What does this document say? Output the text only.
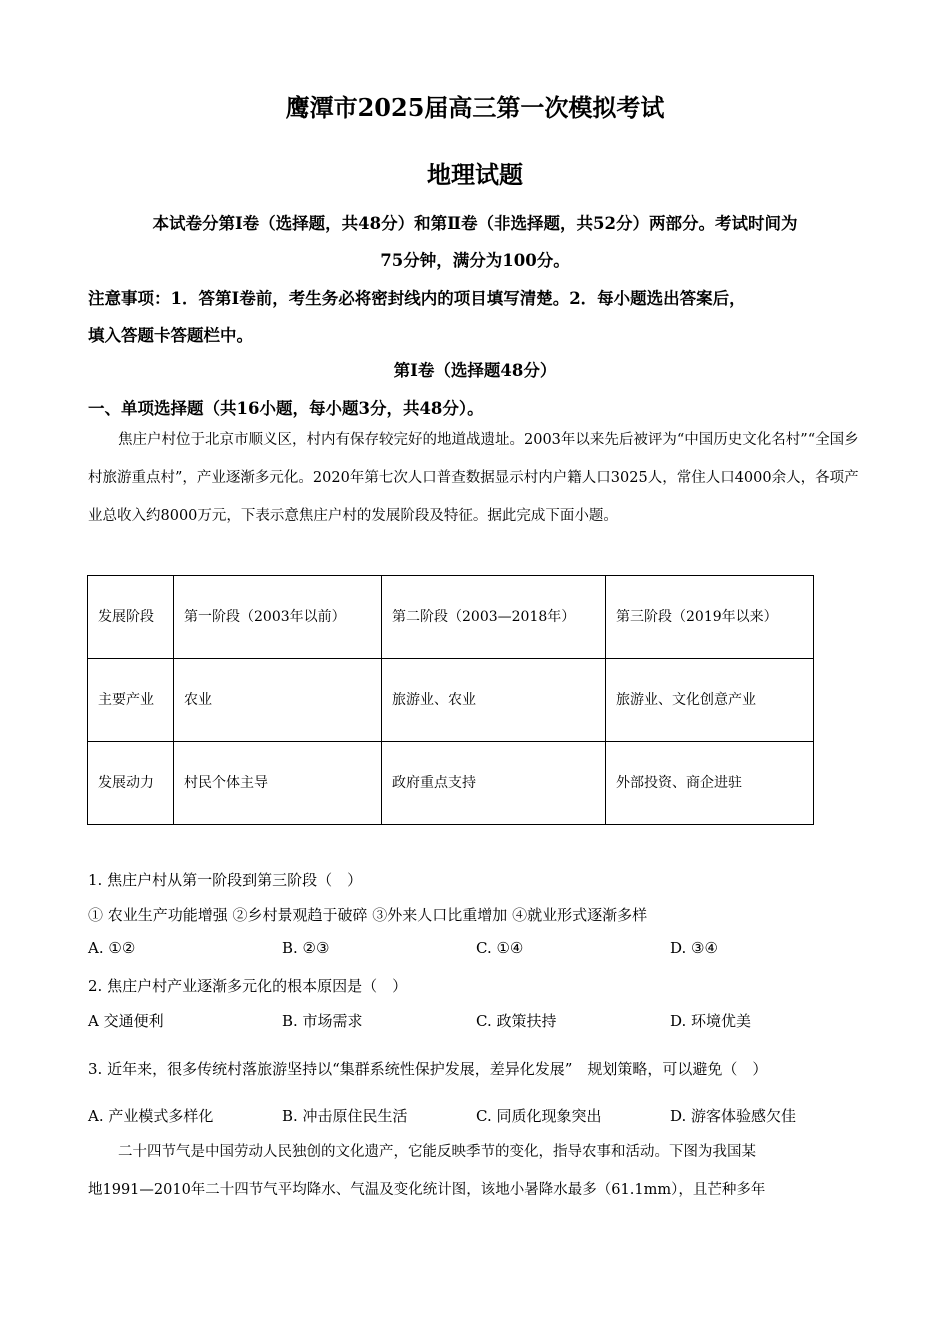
鹰潭市2025届高三第一次模拟考试
地理试题
本试卷分第Ⅰ卷（选择题，共48分）和第Ⅱ卷（非选择题，共52分）两部分。考试时间为
75分钟，满分为100分。
注意事项：1．答第Ⅰ卷前，考生务必将密封线内的项目填写清楚。2．每小题选出答案后，
填入答题卡答题栏中。
第Ⅰ卷（选择题48分）
一、单项选择题（共16小题，每小题3分，共48分）。
焦庄户村位于北京市顺义区，村内有保存较完好的地道战遗址。2003年以来先后被评为“中国历史文化名村”“全国乡村旅游重点村”，产业逐渐多元化。2020年第七次人口普查数据显示村内户籍人口3025人，常住人口4000余人，各项产业总收入约8000万元，下表示意焦庄户村的发展阶段及特征。据此完成下面小题。
发展阶段	第一阶段（2003年以前）	第二阶段（2003—2018年）	第三阶段（2019年以来）
主要产业	农业	旅游业、农业	旅游业、文化创意产业
发展动力	村民个体主导	政府重点支持	外部投资、商企进驻
1. 焦庄户村从第一阶段到第三阶段（　）
① 农业生产功能增强 ②乡村景观趋于破碎 ③外来人口比重增加 ④就业形式逐渐多样
A. ①②	B. ②③	C. ①④	D. ③④
2. 焦庄户村产业逐渐多元化的根本原因是（　）
A 交通便利	B. 市场需求	C. 政策扶持	D. 环境优美
3. 近年来，很多传统村落旅游坚持以“集群系统性保护发展，差异化发展”　规划策略，可以避免（　）
A. 产业模式多样化	B. 冲击原住民生活	C. 同质化现象突出	D. 游客体验感欠佳
二十四节气是中国劳动人民独创的文化遗产，它能反映季节的变化，指导农事和活动。下图为我国某
地1991—2010年二十四节气平均降水、气温及变化统计图，该地小暑降水最多（61.1mm），且芒种多年
